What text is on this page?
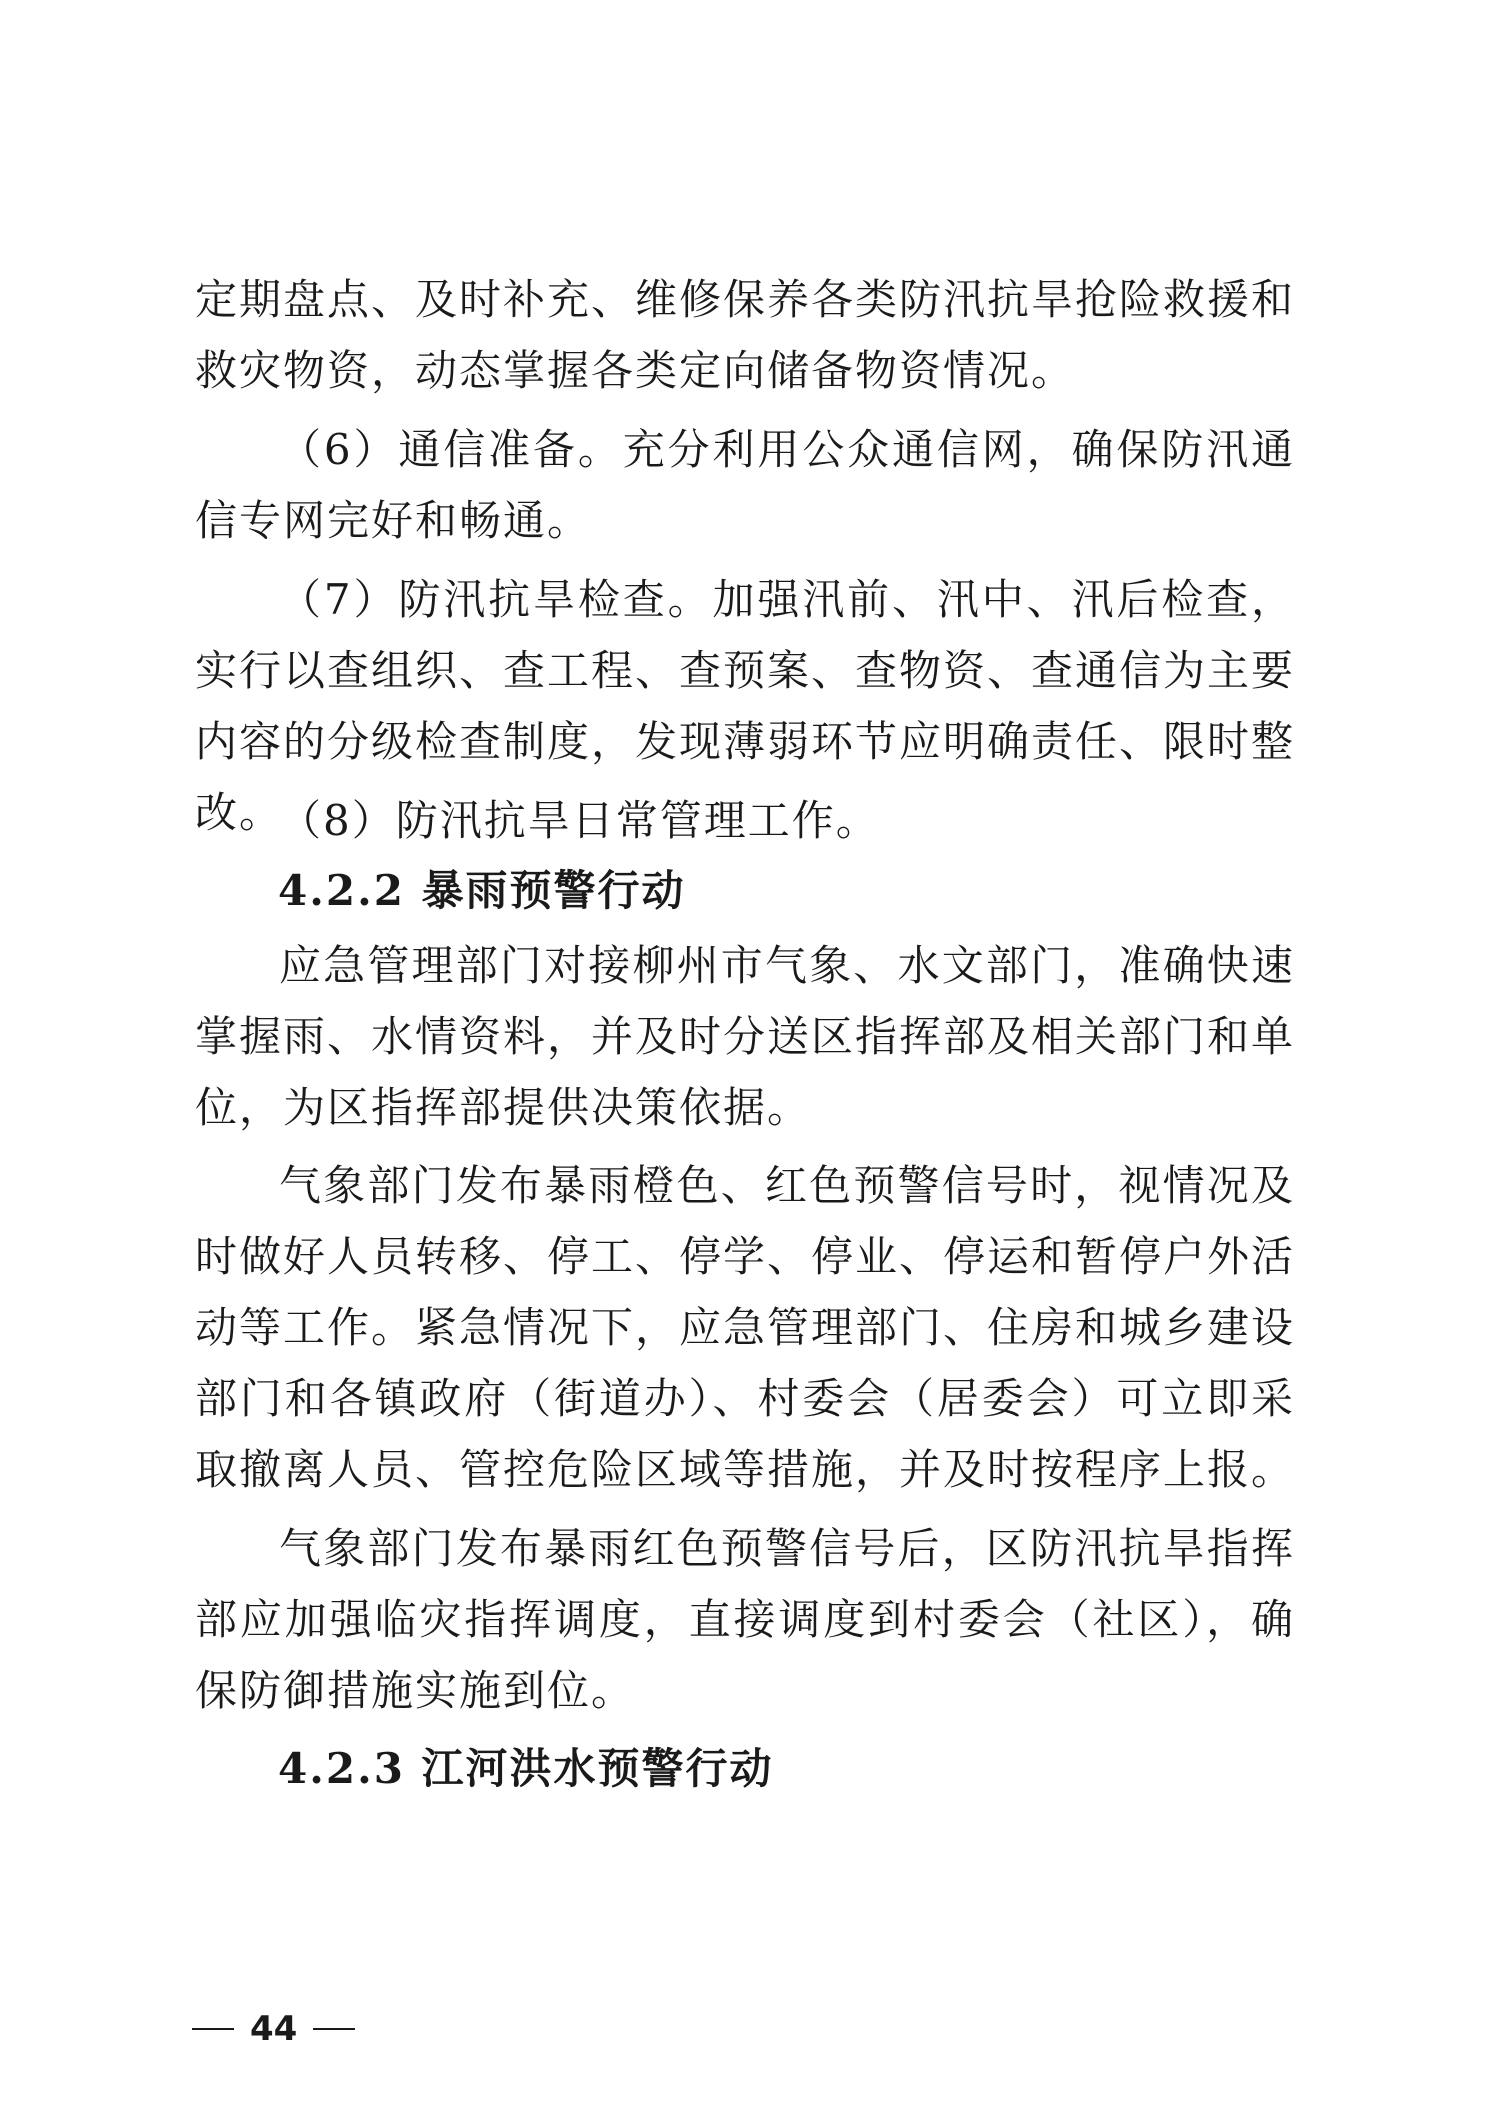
定期盘点、及时补充、维修保养各类防汛抗旱抢险救援和救灾物资，动态掌握各类定向储备物资情况。

（6）通信准备。充分利用公众通信网，确保防汛通信专网完好和畅通。

（7）防汛抗旱检查。加强汛前、汛中、汛后检查，实行以查组织、查工程、查预案、查物资、查通信为主要内容的分级检查制度，发现薄弱环节应明确责任、限时整改。

（8）防汛抗旱日常管理工作。

4.2.2 暴雨预警行动

应急管理部门对接柳州市气象、水文部门，准确快速掌握雨、水情资料，并及时分送区指挥部及相关部门和单位，为区指挥部提供决策依据。

气象部门发布暴雨橙色、红色预警信号时，视情况及时做好人员转移、停工、停学、停业、停运和暂停户外活动等工作。紧急情况下，应急管理部门、住房和城乡建设部门和各镇政府（街道办）、村委会（居委会）可立即采取撤离人员、管控危险区域等措施，并及时按程序上报。

气象部门发布暴雨红色预警信号后，区防汛抗旱指挥部应加强临灾指挥调度，直接调度到村委会（社区），确保防御措施实施到位。

4.2.3 江河洪水预警行动
44
